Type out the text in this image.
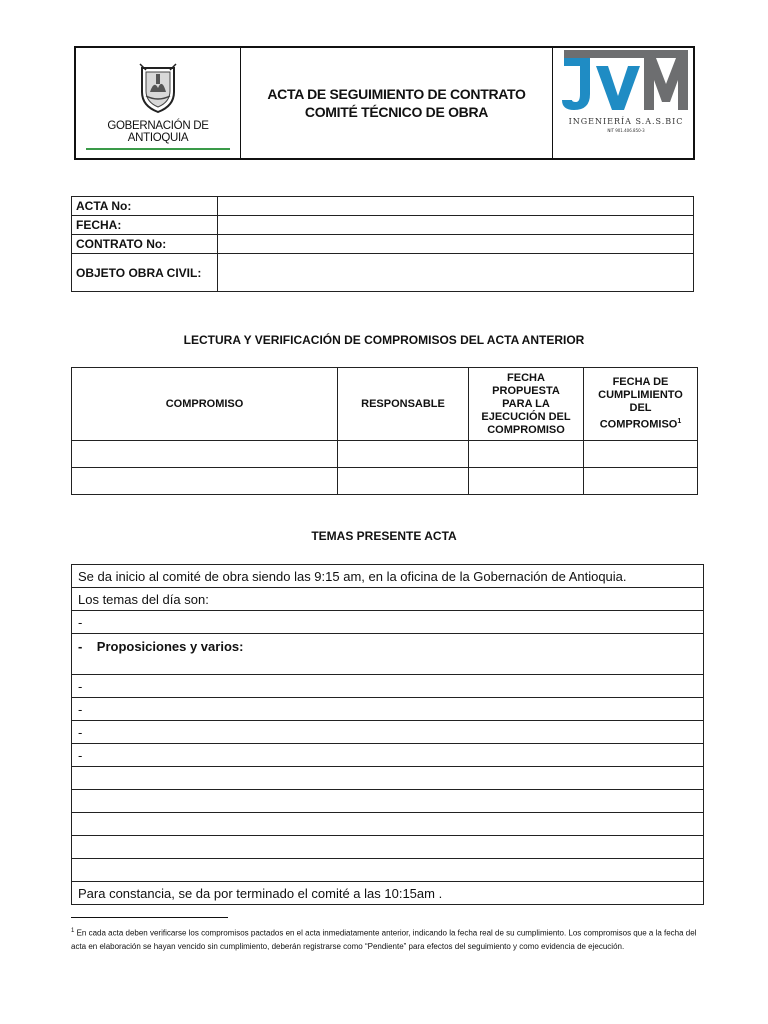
GOBERNACIÓN DE ANTIOQUIA

ACTA DE SEGUIMIENTO DE CONTRATO
COMITÉ TÉCNICO DE OBRA

INGENIERÍA S.A.S.BIC
NIT 901.406.850-3
ACTA No:	
FECHA:	
CONTRATO No:	
OBJETO OBRA CIVIL:	
LECTURA Y VERIFICACIÓN DE COMPROMISOS DEL ACTA ANTERIOR
COMPROMISO	RESPONSABLE	FECHA PROPUESTA PARA LA EJECUCIÓN DEL COMPROMISO	FECHA DE CUMPLIMIENTO DEL COMPROMISO$^1$

TEMAS PRESENTE ACTA
Se da inicio al comité de obra siendo las 9:15 am, en la oficina de la Gobernación de Antioquia.
Los temas del día son:
-
-    Proposiciones y varios:
-
-
-
-

Para constancia, se da por terminado el comité a las 10:15am .
$^1$ En cada acta deben verificarse los compromisos pactados en el acta inmediatamente anterior, indicando la fecha real de su cumplimiento. Los compromisos que a la fecha del acta en elaboración se hayan vencido sin cumplimiento, deberán registrarse como “Pendiente” para efectos del seguimiento y como evidencia de ejecución.
